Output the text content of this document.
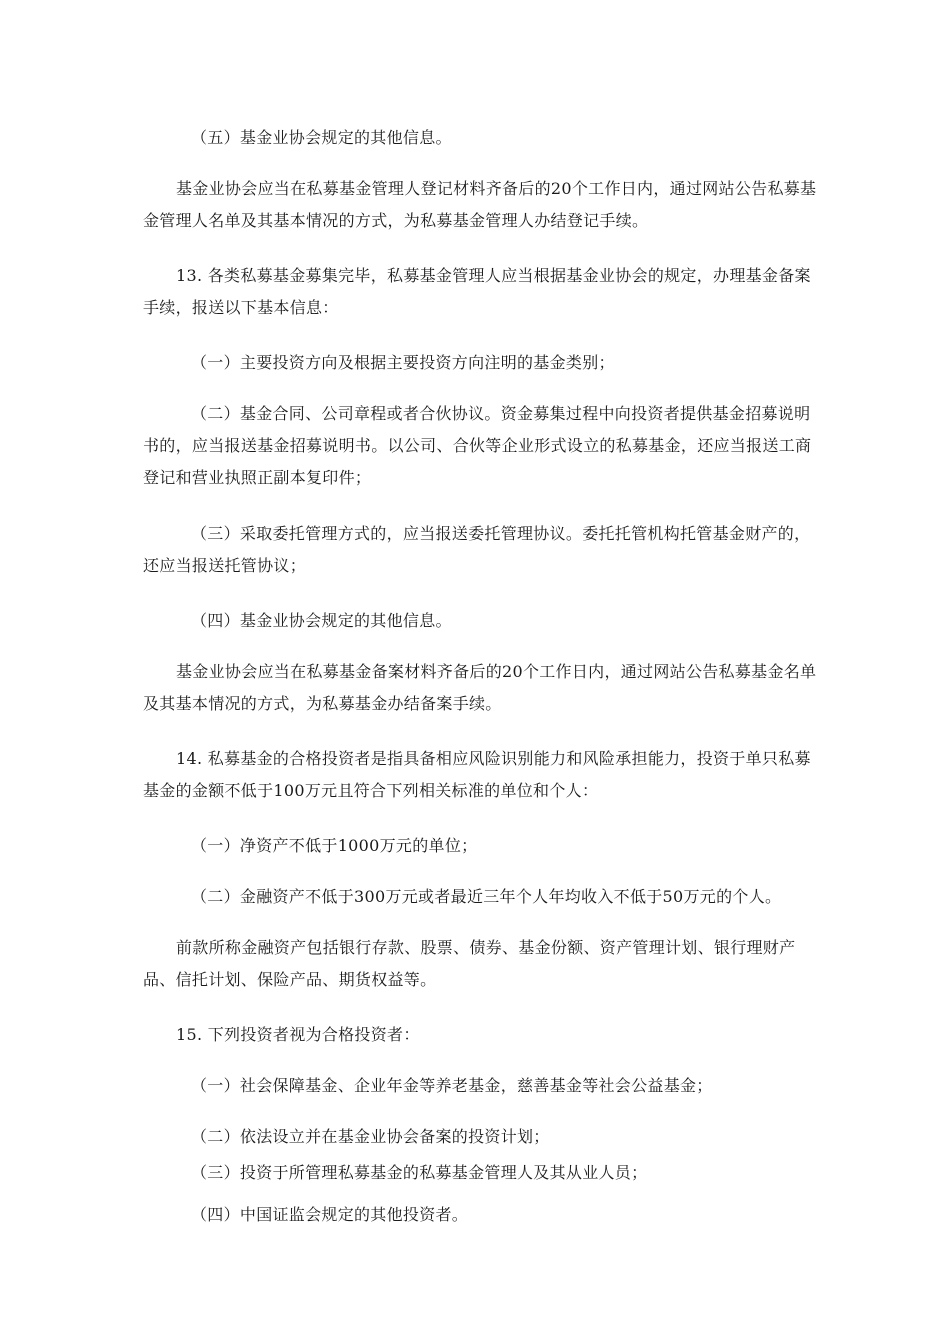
（五）基金业协会规定的其他信息。

基金业协会应当在私募基金管理人登记材料齐备后的20个工作日内，通过网站公告私募基金管理人名单及其基本情况的方式，为私募基金管理人办结登记手续。

13. 各类私募基金募集完毕，私募基金管理人应当根据基金业协会的规定，办理基金备案手续，报送以下基本信息：

（一）主要投资方向及根据主要投资方向注明的基金类别；

（二）基金合同、公司章程或者合伙协议。资金募集过程中向投资者提供基金招募说明书的，应当报送基金招募说明书。以公司、合伙等企业形式设立的私募基金，还应当报送工商登记和营业执照正副本复印件；

（三）采取委托管理方式的，应当报送委托管理协议。委托托管机构托管基金财产的，还应当报送托管协议；

（四）基金业协会规定的其他信息。

基金业协会应当在私募基金备案材料齐备后的20个工作日内，通过网站公告私募基金名单及其基本情况的方式，为私募基金办结备案手续。

14. 私募基金的合格投资者是指具备相应风险识别能力和风险承担能力，投资于单只私募基金的金额不低于100万元且符合下列相关标准的单位和个人：

（一）净资产不低于1000万元的单位；

（二）金融资产不低于300万元或者最近三年个人年均收入不低于50万元的个人。

前款所称金融资产包括银行存款、股票、债券、基金份额、资产管理计划、银行理财产品、信托计划、保险产品、期货权益等。

15. 下列投资者视为合格投资者：

（一）社会保障基金、企业年金等养老基金，慈善基金等社会公益基金；

（二）依法设立并在基金业协会备案的投资计划；

（三）投资于所管理私募基金的私募基金管理人及其从业人员；

（四）中国证监会规定的其他投资者。
